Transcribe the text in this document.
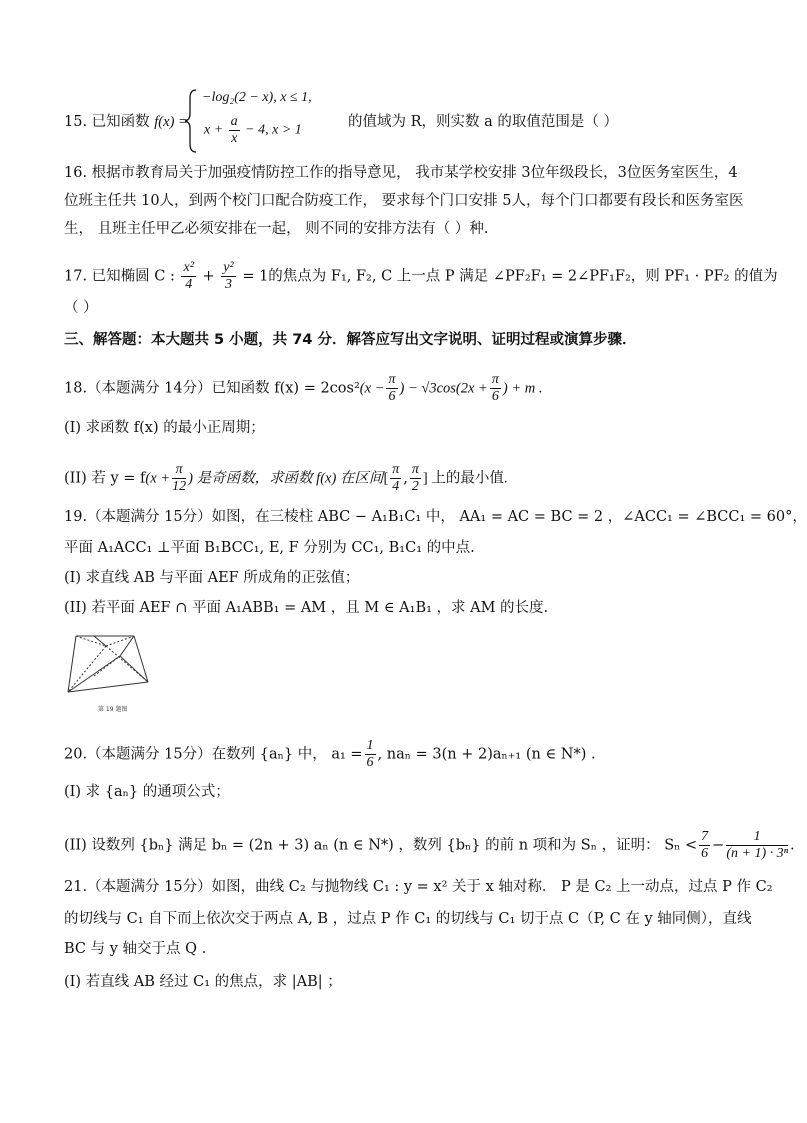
15. 已知函数 f(x) =
−log₂(2 − x), x ≤ 1,
$x + \frac{a}{x} - 4$, x > 1
的值域为 R，则实数 a 的取值范围是（ ）
16. 根据市教育局关于加强疫情防控工作的指导意见， 我市某学校安排 3位年级段长，3位医务室医生，4
位班主任共 10人，到两个校门口配合防疫工作， 要求每个门口安排 5人，每个门口都要有段长和医务室医
生， 且班主任甲乙必须安排在一起， 则不同的安排方法有（ ）种.
17. 已知椭圆 C : $\frac{\text{x²}}{4} + \frac{\text{y²}}{3} = 1$的焦点为 F₁, F₂, C 上一点 P 满足 ∠PF₂F₁ = 2∠PF₁F₂，则 PF₁ · PF₂ 的值为
（ ）
三、解答题：本大题共 5 小题，共 74 分．解答应写出文字说明、证明过程或演算步骤．
18.（本题满分 14分）已知函数 $f(x) = 2\cos^2(x - \frac{\pi}{6}$ ) − $√3\cos(2x + \frac{\pi}{6}$ ) + m .
(I) 求函数 f(x) 的最小正周期；
(II) 若 $y = f(x + \frac{\pi}{12}$ ) 是奇函数，求函数 f(x) 在区间[ $\frac{\pi}{4}$ , $\frac{\pi}{2}$ ] 上的最小值.
19.（本题满分 15分）如图，在三棱柱 ABC − A₁B₁C₁ 中， AA₁ = AC = BC = 2 ，∠ACC₁ = ∠BCC₁ = 60°，
平面 A₁ACC₁ ⊥平面 B₁BCC₁, E, F 分别为 CC₁, B₁C₁ 的中点.
(I) 求直线 AB 与平面 AEF 所成角的正弦值；
(II) 若平面 AEF ∩ 平面 A₁ABB₁ = AM ，且 M ∈ A₁B₁ ，求 AM 的长度.
第 19 题图
20.（本题满分 15分）在数列 {aₙ} 中， $a_1 = \frac{1}{6}$ , naₙ = 3(n + 2)aₙ₊₁ (n ∈ N*) .
(I) 求 {aₙ} 的通项公式；
(II) 设数列 {bₙ} 满足 bₙ = (2n + 3) aₙ (n ∈ N*) ，数列 {bₙ} 的前 n 项和为 Sₙ ，证明： $S_n < \frac{7}{6} - \frac{1}{\text{(n + 1) · 3ⁿ}}$ .
21.（本题满分 15分）如图，曲线 C₂ 与抛物线 C₁ : y = x² 关于 x 轴对称． P 是 C₂ 上一动点，过点 P 作 C₂
的切线与 C₁ 自下而上依次交于两点 A, B ，过点 P 作 C₁ 的切线与 C₁ 切于点 C（P, C 在 y 轴同侧），直线
BC 与 y 轴交于点 Q .
(I) 若直线 AB 经过 C₁ 的焦点，求 |AB| ；
